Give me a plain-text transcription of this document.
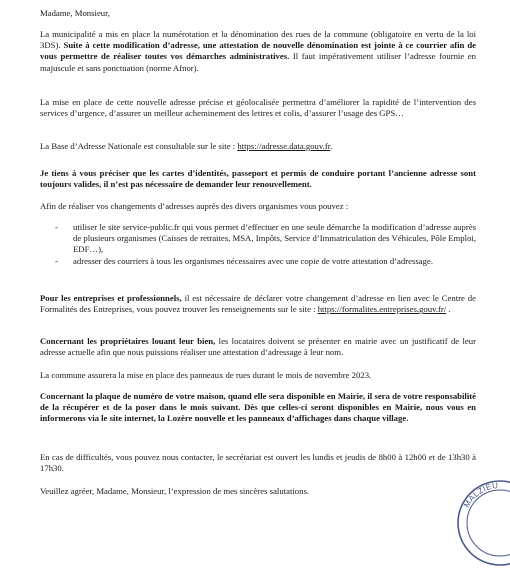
Madame, Monsieur,

La municipalité a mis en place la numérotation et la dénomination des rues de la commune (obligatoire en vertu de la loi 3DS). Suite à cette modification d’adresse, une attestation de nouvelle dénomination est jointe à ce courrier afin de vous permettre de réaliser toutes vos démarches administratives. Il faut impérativement utiliser l’adresse fournie en majuscule et sans ponctuation (norme Afnor).

La mise en place de cette nouvelle adresse précise et géolocalisée permettra d’améliorer la rapidité de l’intervention des services d’urgence, d’assurer un meilleur acheminement des lettres et colis, d’assurer l’usage des GPS…

La Base d’Adresse Nationale est consultable sur le site : https://adresse.data.gouv.fr.

Je tiens à vous préciser que les cartes d’identités, passeport et permis de conduire portant l’ancienne adresse sont toujours valides, il n’est pas nécessaire de demander leur renouvellement.

Afin de réaliser vos changements d’adresses auprès des divers organismes vous pouvez :

- utiliser le site service-public.fr qui vous permet d’effectuer en une seule démarche la modification d’adresse auprès de plusieurs organismes (Caisses de retraites, MSA, Impôts, Service d’Immatriculation des Véhicules, Pôle Emploi, EDF…),
- adresser des courriers à tous les organismes nécessaires avec une copie de votre attestation d’adressage.

Pour les entreprises et professionnels, il est nécessaire de déclarer votre changement d’adresse en lien avec le Centre de Formalités des Entreprises, vous pouvez trouver les renseignements sur le site : https://formalites.entreprises.gouv.fr/ .

Concernant les propriétaires louant leur bien, les locataires doivent se présenter en mairie avec un justificatif de leur adresse actuelle afin que nous puissions réaliser une attestation d’adressage à leur nom.

La commune assurera la mise en place des panneaux de rues durant le mois de novembre 2023.

Concernant la plaque de numéro de votre maison, quand elle sera disponible en Mairie, il sera de votre responsabilité de la récupérer et de la poser dans le mois suivant. Dès que celles-ci seront disponibles en Mairie, nous vous en informerons via le site internet, la Lozère nouvelle et les panneaux d’affichages dans chaque village.

En cas de difficultés, vous pouvez nous contacter, le secrétariat est ouvert les lundis et jeudis de 8h00 à 12h00 et de 13h30 à 17h30.

Veuillez agréer, Madame, Monsieur, l’expression de mes sincères salutations.

MALZIEU
